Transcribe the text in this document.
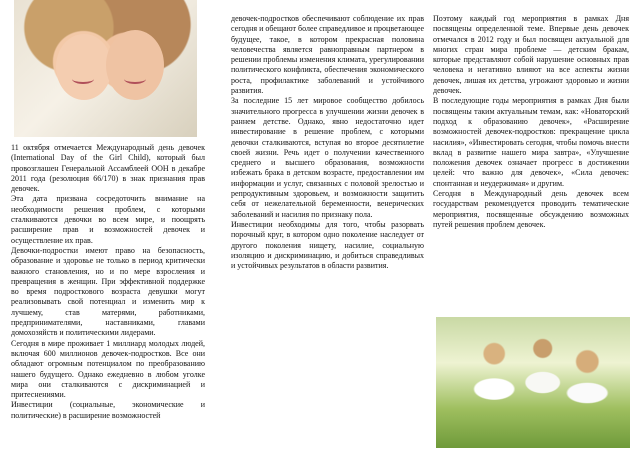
11 октября отмечается Международный день девочек (International Day of the Girl Child), который был провозглашен Генеральной Ассамблеей ООН в декабре 2011 года (резолюция 66/170) в знак признания прав девочек.

Эта дата призвана сосредоточить внимание на необходимости решения проблем, с которыми сталкиваются девочки во всем мире, и поощрять расширение прав и возможностей девочек и осуществление их прав.

Девочки-подростки имеют право на безопасность, образование и здоровье не только в период критически важного становления, но и по мере взросления и превращения в женщин. При эффективной поддержке во время подросткового возраста девушки могут реализовывать свой потенциал и изменить мир к лучшему, став матерями, работниками, предпринимателями, наставниками, главами домохозяйств и политическими лидерами.

Сегодня в мире проживает 1 миллиард молодых людей, включая 600 миллионов девочек-подростков. Все они обладают огромным потенциалом по преобразованию нашего будущего. Однако ежедневно в любом уголке мира они сталкиваются с дискриминацией и притеснениями.

Инвестиции (социальные, экономические и политические) в расширение возможностей

девочек-подростков обеспечивают соблюдение их прав сегодня и обещают более справедливое и процветающее будущее, такое, в котором прекрасная половина человечества является равноправным партнером в решении проблемы изменения климата, урегулировании политического конфликта, обеспечения экономического роста, профилактике заболеваний и устойчивого развития.

За последние 15 лет мировое сообщество добилось значительного прогресса в улучшении жизни девочек в раннем детстве. Однако, явно недостаточно идет инвестирование в решение проблем, с которыми девочки сталкиваются, вступая во второе десятилетие своей жизни. Речь идет о получении качественного среднего и высшего образования, возможности избежать брака в детском возрасте, предоставлении им информации и услуг, связанных с половой зрелостью и репродуктивным здоровьем, и возможности защитить себя от нежелательной беременности, венерических заболеваний и насилия по признаку пола.

Инвестиции необходимы для того, чтобы разорвать порочный круг, в котором одно поколение наследует от другого поколения нищету, насилие, социальную изоляцию и дискриминацию, и добиться справедливых и устойчивых результатов в области развития.

Поэтому каждый год мероприятия в рамках Дня посвящены определенной теме. Впервые день девочек отмечался в 2012 году и был посвящен актуальной для многих стран мира проблеме — детским бракам, которые представляют собой нарушение основных прав человека и негативно влияют на все аспекты жизни девочек, лишая их детства, угрожают здоровью и жизни девочек.

В последующие годы мероприятия в рамках Дня были посвящены таким актуальным темам, как: «Новаторский подход к образованию девочек», «Расширение возможностей девочек-подростков: прекращение цикла насилия», «Инвестировать сегодня, чтобы помочь внести вклад в развитие нашего мира завтра», «Улучшение положения девочек означает прогресс в достижении целей: что важно для девочек», «Сила девочек: спонтанная и неудержимая» и другим.

Сегодня в Международный день девочек всем государствам рекомендуется проводить тематические мероприятия, посвященные обсуждению возможных путей решения проблем девочек.
